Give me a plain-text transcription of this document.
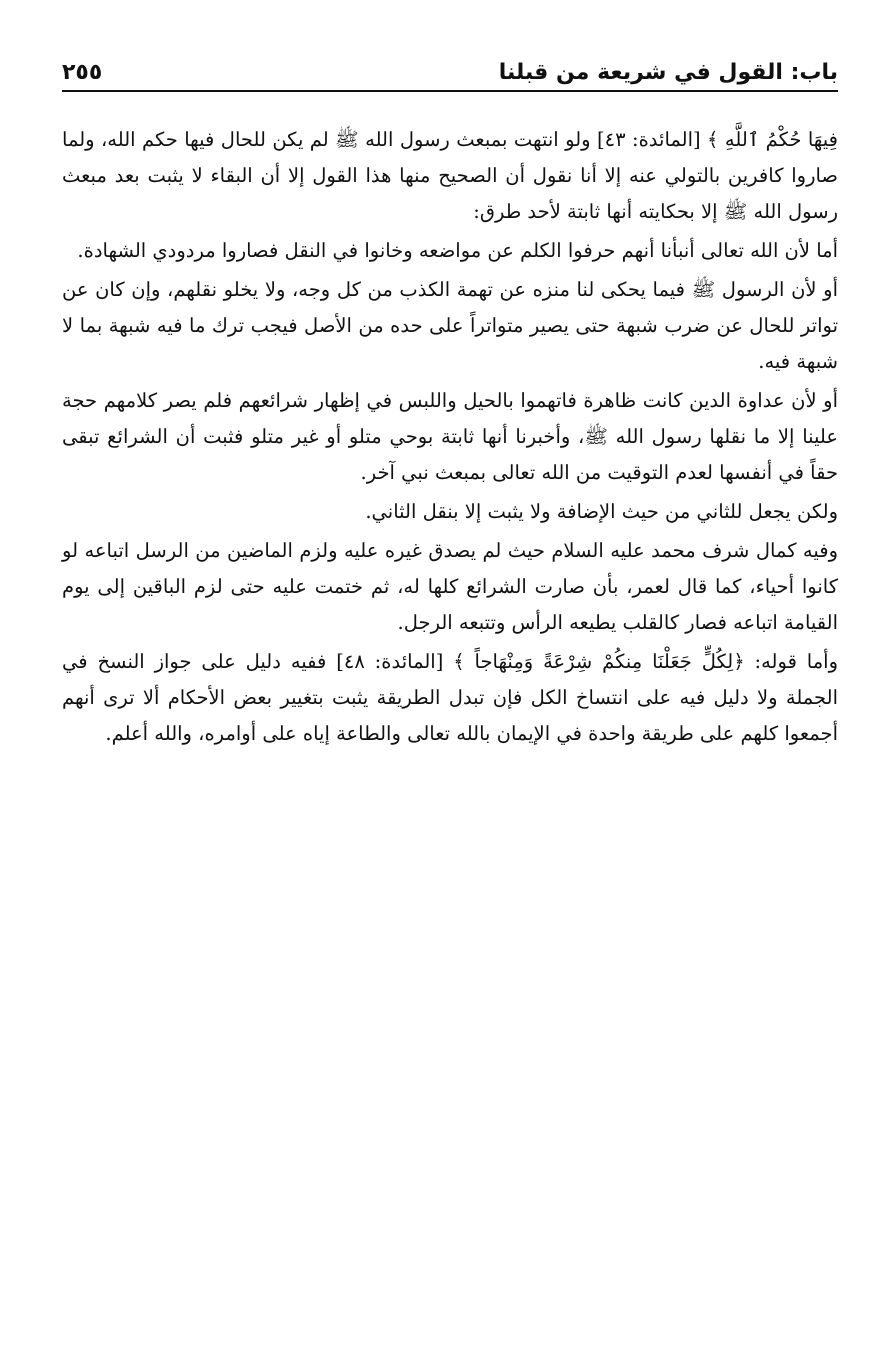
باب: القول في شريعة من قبلنا
٢٥٥

فِيهَا حُكْمُ ٱللَّهِ ﴾ [المائدة: ٤٣] ولو انتهت بمبعث رسول الله ﷺ لم يكن للحال فيها حكم الله، ولما صاروا كافرين بالتولي عنه إلا أنا نقول أن الصحيح منها هذا القول إلا أن البقاء لا يثبت بعد مبعث رسول الله ﷺ إلا بحكايته أنها ثابتة لأحد طرق:

أما لأن الله تعالى أنبأنا أنهم حرفوا الكلم عن مواضعه وخانوا في النقل فصاروا مردودي الشهادة.

أو لأن الرسول ﷺ فيما يحكى لنا منزه عن تهمة الكذب من كل وجه، ولا يخلو نقلهم، وإن كان عن تواتر للحال عن ضرب شبهة حتى يصير متواتراً على حده من الأصل فيجب ترك ما فيه شبهة بما لا شبهة فيه.

أو لأن عداوة الدين كانت ظاهرة فاتهموا بالحيل واللبس في إظهار شرائعهم فلم يصر كلامهم حجة علينا إلا ما نقلها رسول الله ﷺ، وأخبرنا أنها ثابتة بوحي متلو أو غير متلو فثبت أن الشرائع تبقى حقاً في أنفسها لعدم التوقيت من الله تعالى بمبعث نبي آخر.

ولكن يجعل للثاني من حيث الإضافة ولا يثبت إلا بنقل الثاني.

وفيه كمال شرف محمد عليه السلام حيث لم يصدق غيره عليه ولزم الماضين من الرسل اتباعه لو كانوا أحياء، كما قال لعمر، بأن صارت الشرائع كلها له، ثم ختمت عليه حتى لزم الباقين إلى يوم القيامة اتباعه فصار كالقلب يطيعه الرأس وتتبعه الرجل.

وأما قوله: ﴿لِكُلٍّ جَعَلْنَا مِنكُمْ شِرْعَةً وَمِنْهَاجاً ﴾ [المائدة: ٤٨] ففيه دليل على جواز النسخ في الجملة ولا دليل فيه على انتساخ الكل فإن تبدل الطريقة يثبت بتغيير بعض الأحكام ألا ترى أنهم أجمعوا كلهم على طريقة واحدة في الإيمان بالله تعالى والطاعة إياه على أوامره، والله أعلم.
